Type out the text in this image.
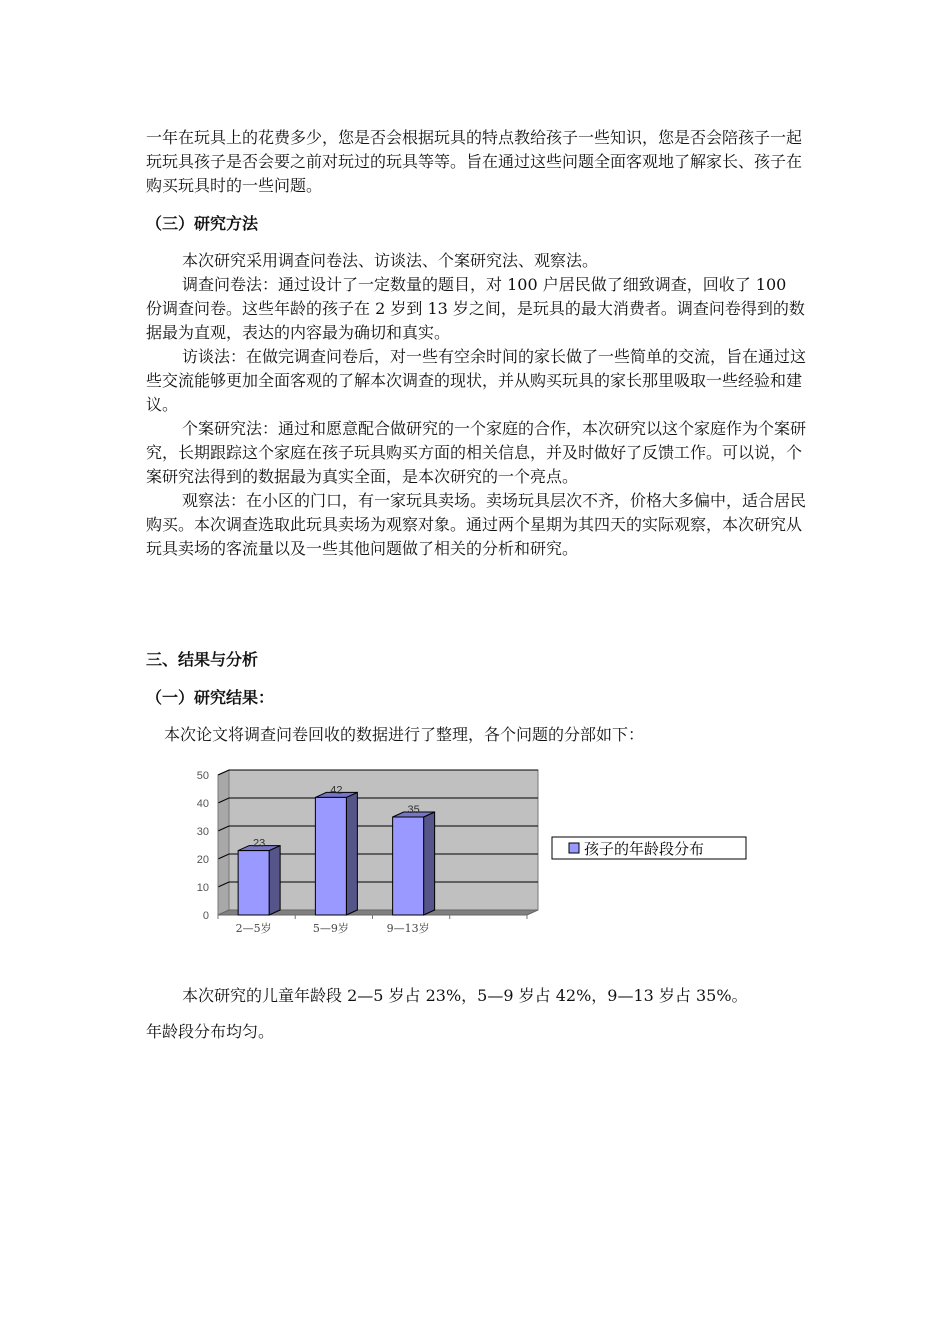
一年在玩具上的花费多少，您是否会根据玩具的特点教给孩子一些知识，您是否会陪孩子一起玩玩具孩子是否会要之前对玩过的玩具等等。旨在通过这些问题全面客观地了解家长、孩子在购买玩具时的一些问题。

（三）研究方法

本次研究采用调查问卷法、访谈法、个案研究法、观察法。

调查问卷法：通过设计了一定数量的题目，对 100 户居民做了细致调查，回收了 100 份调查问卷。这些年龄的孩子在 2 岁到 13 岁之间，是玩具的最大消费者。调查问卷得到的数据最为直观，表达的内容最为确切和真实。

访谈法：在做完调查问卷后，对一些有空余时间的家长做了一些简单的交流，旨在通过这些交流能够更加全面客观的了解本次调查的现状，并从购买玩具的家长那里吸取一些经验和建议。

个案研究法：通过和愿意配合做研究的一个家庭的合作，本次研究以这个家庭作为个案研究，长期跟踪这个家庭在孩子玩具购买方面的相关信息，并及时做好了反馈工作。可以说，个案研究法得到的数据最为真实全面，是本次研究的一个亮点。

观察法：在小区的门口，有一家玩具卖场。卖场玩具层次不齐，价格大多偏中，适合居民购买。本次调查选取此玩具卖场为观察对象。通过两个星期为其四天的实际观察，本次研究从玩具卖场的客流量以及一些其他问题做了相关的分析和研究。

三、结果与分析
（一）研究结果：

本次论文将调查问卷回收的数据进行了整理，各个问题的分部如下：

0
10
20
30
40
50
23
42
35
2—5岁	5—9岁	9—13岁
孩子的年龄段分布

本次研究的儿童年龄段 2—5 岁占 23%，5—9 岁占 42%，9—13 岁占 35%。

年龄段分布均匀。
